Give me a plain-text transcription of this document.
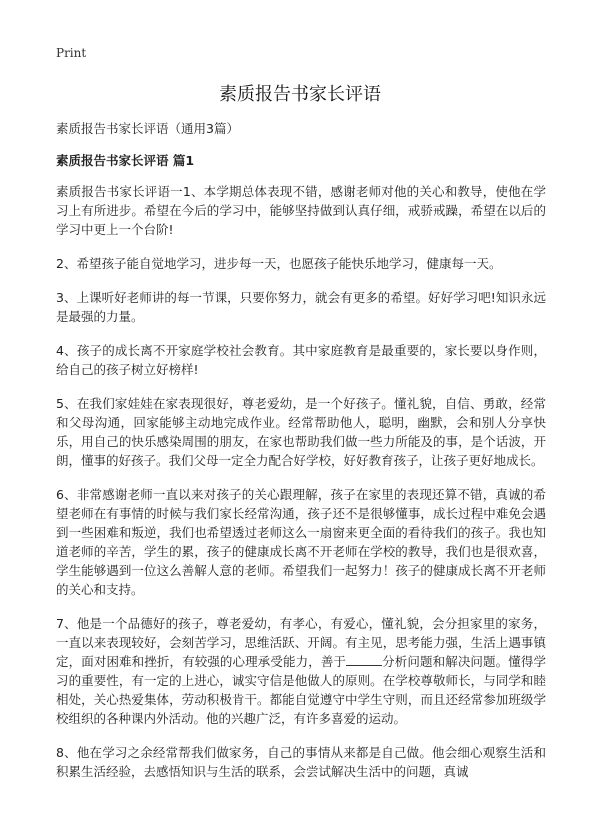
Print
素质报告书家长评语

素质报告书家长评语（通用3篇）

素质报告书家长评语 篇1

素质报告书家长评语一1、本学期总体表现不错，感谢老师对他的关心和教导，使他在学习上有所进步。希望在今后的学习中，能够坚持做到认真仔细，戒骄戒躁，希望在以后的学习中更上一个台阶!

2、希望孩子能自觉地学习，进步每一天，也愿孩子能快乐地学习，健康每一天。

3、上课听好老师讲的每一节课，只要你努力，就会有更多的希望。好好学习吧!知识永远是最强的力量。

4、孩子的成长离不开家庭学校社会教育。其中家庭教育是最重要的，家长要以身作则，给自己的孩子树立好榜样!

5、在我们家娃娃在家表现很好，尊老爱幼，是一个好孩子。懂礼貌，自信、勇敢，经常和父母沟通，回家能够主动地完成作业。经常帮助他人，聪明，幽默，会和别人分享快乐，用自己的快乐感染周围的朋友，在家也帮助我们做一些力所能及的事，是个话波，开朗，懂事的好孩子。我们父母一定全力配合好学校，好好教育孩子，让孩子更好地成长。

6、非常感谢老师一直以来对孩子的关心跟理解，孩子在家里的表现还算不错，真诚的希望老师在有事情的时候与我们家长经常沟通，孩子还不是很够懂事，成长过程中难免会遇到一些困难和叛逆，我们也希望透过老师这么一扇窗来更全面的看待我们的孩子。我也知道老师的辛苦，学生的累，孩子的健康成长离不开老师在学校的教导，我们也是很欢喜，学生能够遇到一位这么善解人意的老师。希望我们一起努力！孩子的健康成长离不开老师的关心和支持。

7、他是一个品德好的孩子，尊老爱幼，有孝心，有爱心，懂礼貌，会分担家里的家务，一直以来表现较好，会刻苦学习，思维活跃、开阔。有主见，思考能力强，生活上遇事镇定，面对困难和挫折，有较强的心理承受能力，善于	分析问题和解决问题。懂得学习的重要性，有一定的上进心，诚实守信是他做人的原则。在学校尊敬师长，与同学和睦相处，关心热爱集体，劳动积极肯干。都能自觉遵守中学生守则，而且还经常参加班级学校组织的各种课内外活动。他的兴趣广泛，有许多喜爱的运动。

8、他在学习之余经常帮我们做家务，自己的事情从来都是自己做。他会细心观察生活和积累生活经验，去感悟知识与生活的联系，会尝试解决生活中的问题，真诚
